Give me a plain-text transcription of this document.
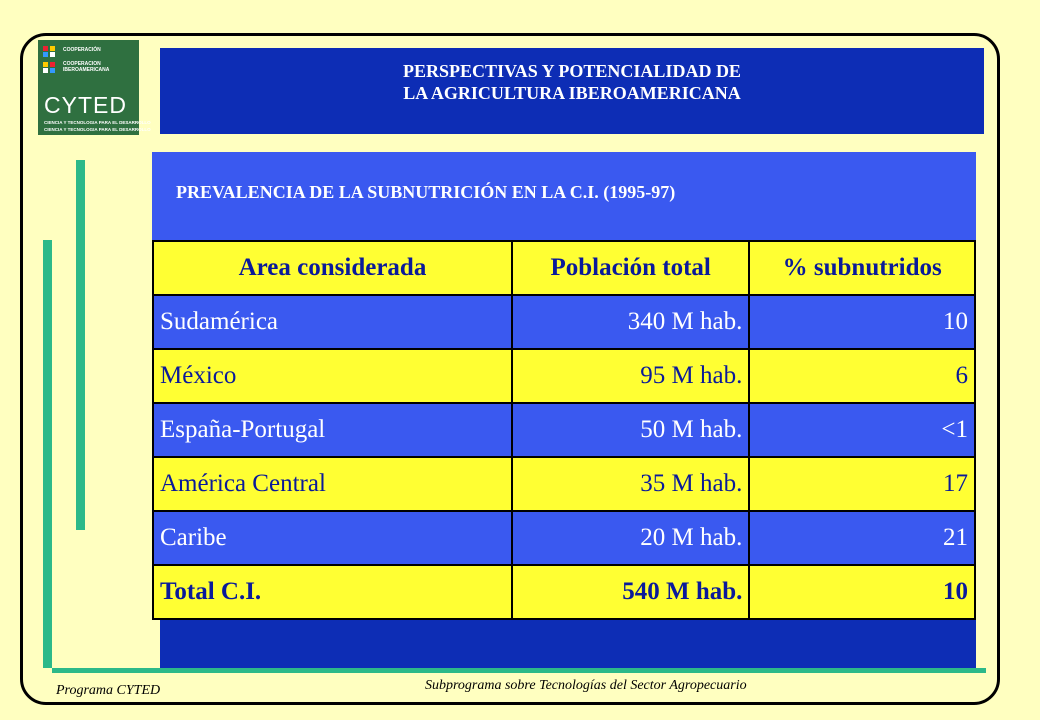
COOPERACIÓN
COOPERACION IBEROAMERICANA
CYTED
CIENCIA Y TECNOLOGIA PARA EL DESARROLLO
CIENCIA Y TECNOLOGIA PARA EL DESARROLLO
PERSPECTIVAS Y POTENCIALIDAD DE
LA AGRICULTURA IBEROAMERICANA
PREVALENCIA DE LA SUBNUTRICIÓN EN LA C.I. (1995-97)
Area considerada	Población total	% subnutridos
Sudamérica	340 M hab.	10
México	95 M hab.	6
España-Portugal	50 M hab.	<1
América Central	35 M hab.	17
Caribe	20 M hab.	21
Total C.I.	540 M hab.	10
Programa CYTED	Subprograma sobre Tecnologías del Sector Agropecuario
